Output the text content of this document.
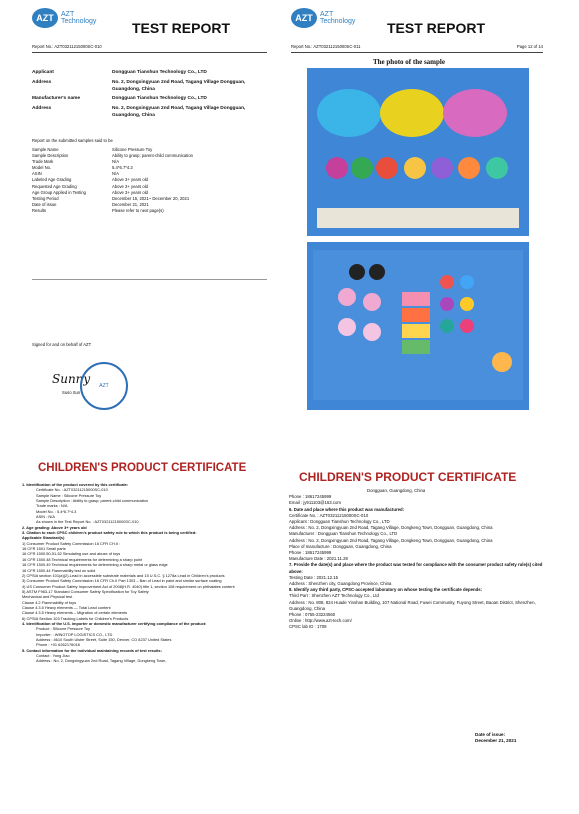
AZT	AZT
Technology	TEST REPORT
Report No.: AZT03211215000SC-010
Applicant	Dongguan Tianshun Technology Co., LTD
Address	No. 2, Dongxingyuan 2nd Road, Tagang Village Dongguan, Guangdong, China
Manufacturer's name	Dongguan Tianshun Technology Co., LTD
Address	No. 2, Dongxingyuan 2nd Road, Tagang Village Dongguan, Guangdong, China
Report on the submitted samples said to be
Sample Name	Silicone Pressure Toy
Sample Description	Ability to grasp; parent-child communication
Trade Mark	N/A
Model No.	5.4*6.7*4.3
ASIN	N/A
Labeled Age Grading	Above 3+ years old
Requested Age Grading	Above 3+ years old
Age Group Applied in Testing	Above 3+ years old
Testing Period	December 15, 2021~ December 20, 2021
Date of issue	December 21, 2021
Results	Please refer to next page(s)
Signed for and on behalf of AZT
Sunny
Suso Sun
AZT
AZT	AZT
Technology TEST REPORT
Report No.: AZT03211215000SC-011	Page 12 of 14
The photo of the sample
CHILDREN'S PRODUCT CERTIFICATE
1. Identification of the product covered by this certificate:
Certificate No. : AZT03211215000SC-010
Sample Name : Silicone Pressure Toy
Sample Description : Ability to grasp; parent-child communication
Trade marks : N/A
Model No. : 5.4*6.7*4.3
ASIN : N/A
As shown in the Test Report No. : AZT03211215000SC-010
2. Age grading: Above 3+ years old
3. Citation to each CPSC children's product safety rule to which this product is being certified:
Applicable Standard(s)
1) Consumer Product Safety Commission 16 CFR CH.II :
16 CFR 1501 Small parts
16 CFR 1500.50-51-52 Simulating use and abuse of toys
16 CFR 1500.48 Technical requirements for determining a sharp point
16 CFR 1500.49 Technical requirements for determining a sharp metal or glass edge
16 CFR 1500.44 Flammability test on solid
2) CPSIA section 101(a)(2)-Lead in accessible substrate materials and 15 U.S.C. § 1278a Lead in Children's products
3) Consumer Product Safety Commission 16 CFR Ch.II Part 1303 – Ban of Lead in paint and similar surface coating
4) US Consumer Product Safety Improvement Act of 2008(H.R. 4040) title 1, section 108 requirement on phthalates content
5) ASTM F963-17 Standard Consumer Safety Specification for Toy Safety
Mechanical and Physical test
Clause 4.2 Flammability of toys
Clause 4.3.5 Heavy elements — Total Lead content
Clause 4.3.5 Heavy elements – Migration of certain elements
6) CPSIA Section 103 Tracking Labels for Children's Products
4. Identification of the U.S. importer or domestic manufacturer certifying compliance of the product:
Product : Silicone Pressure Toy
Importer: : WINGTOP LOGISTICS CO., LTD
Address : 4610 South Ulster Street, Suite 150, Denver, CO 8237 United States
Phone : +01 6262176018
5. Contact information for the individual maintaining records of test results:
Contact : Yong Jiao
Address : No. 2, Dongxingyuan 2nd Road, Tagang Village, Dongkeng Town,
CHILDREN'S PRODUCT CERTIFICATE
Dongguan, Guangdong, China
Phone : 18617245999
Email : jy911103@163.com
6. Date and place where this product was manufactured:
Certificate No. : AZT03211215000SC-010
Applicant : Dongguan Tianshun Technology Co., LTD
Address : No. 2, Dongxingyuan 2nd Road, Tagang Village, Dongkeng Town, Dongguan, Guangdong, China
Manufacturer : Dongguan Tianshun Technology Co., LTD
Address : No. 2, Dongxingyuan 2nd Road, Tagang Village, Dongkeng Town, Dongguan, Guangdong, China
Place of manufacture : Dongguan, Guangdong, China
Phone : 18617245999
Manufacture Date : 2021.11.28
7. Provide the date(s) and place where the product was tested for compliance with the consumer product safety rule(s) cited above:
Testing Date : 2021.12.15
Address : Shenzhen city, Guangdong Province, China
8. Identify any third party, CPSC-accepted laboratory on whose testing the certificate depends:
Third Part : Shenzhen AZT Technology Co., Ltd
Address : No. 808, 824 Huade Yinshan Building, 107 National Road, Fuwei Community, Fuyong Street, Baoan District, Shenzhen, Guangdong, China
Phone : 0755-23224560
Online : http://www.azt-tech.com/
CPSC lab ID : 1708
Date of issue:
December 21, 2021
